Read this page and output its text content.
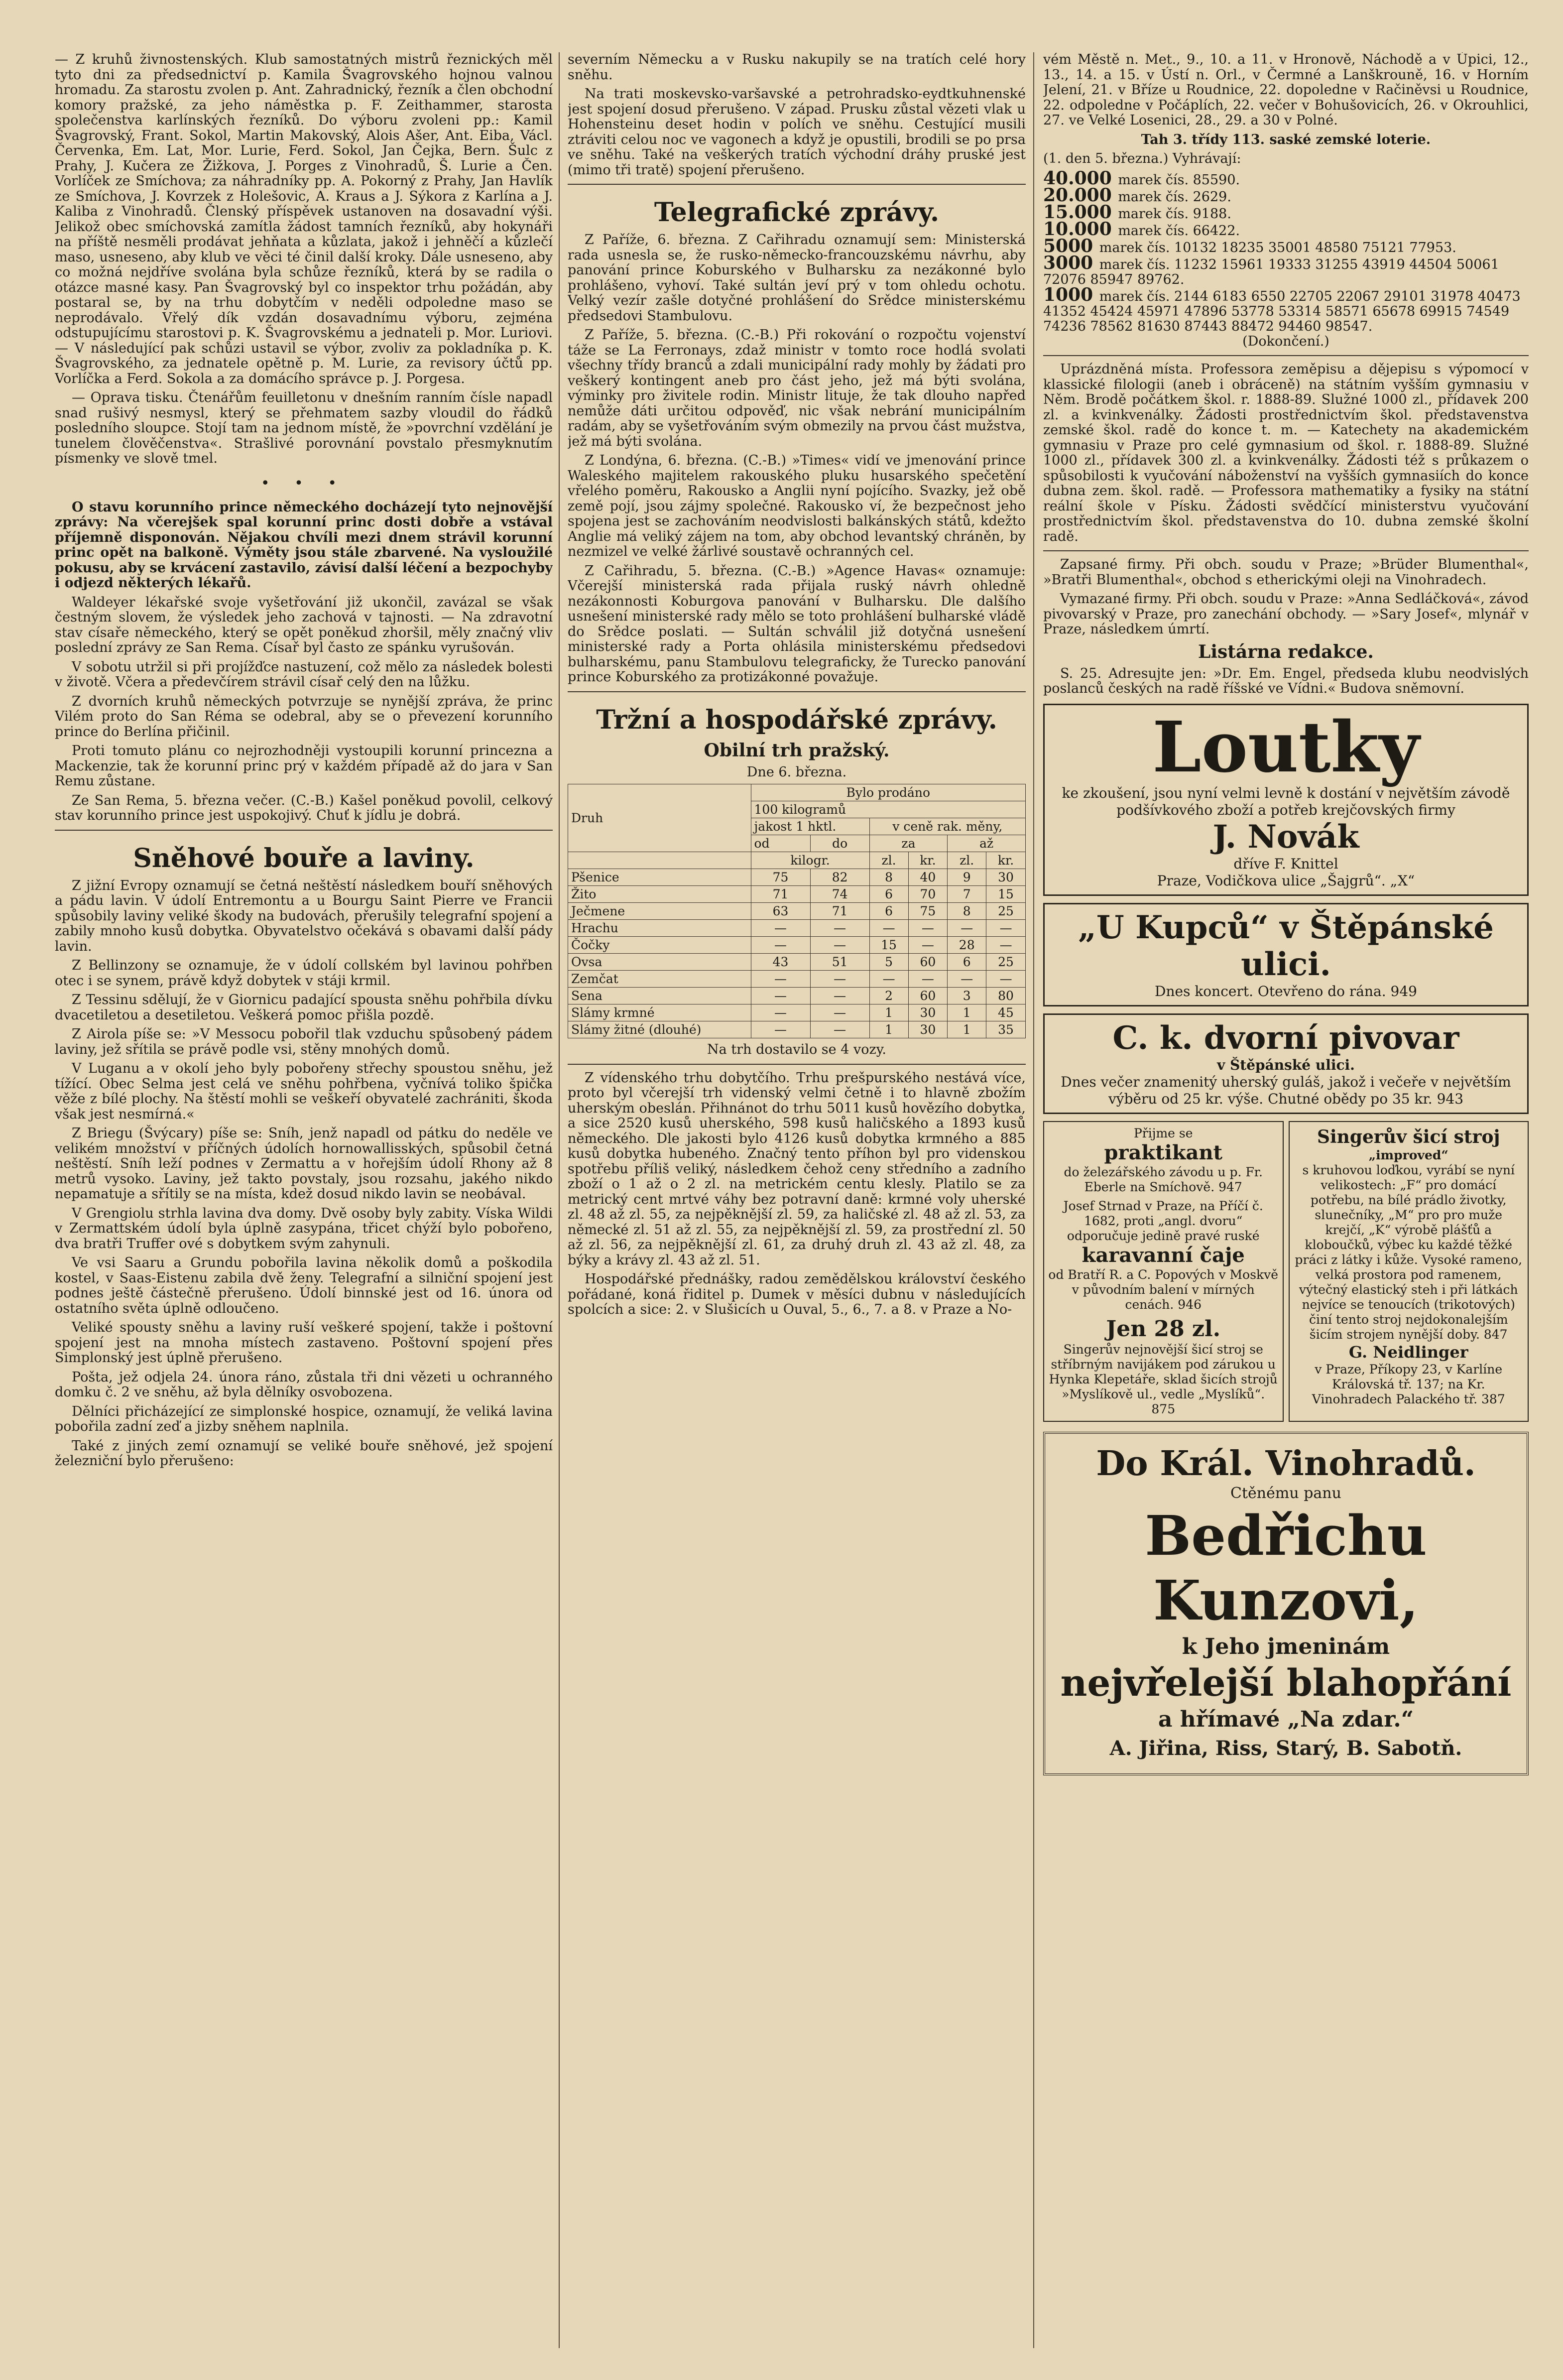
— Z kruhů živnostenských. Klub samostatných mistrů řeznických měl tyto dni za předsednictví p. Kamila Švagrovského hojnou valnou hromadu. Za starostu zvolen p. Ant. Zahradnický, řezník a člen obchodní komory pražské, za jeho náměstka p. F. Zeithammer, starosta společenstva karlínských řezníků. Do výboru zvoleni pp.: Kamil Švagrovský, Frant. Sokol, Martin Makovský, Alois Ašer, Ant. Eiba, Václ. Červenka, Em. Lat, Mor. Lurie, Ferd. Sokol, Jan Čejka, Bern. Šulc z Prahy, J. Kučera ze Žižkova, J. Porges z Vinohradů, Š. Lurie a Čen. Vorlíček ze Smíchova; za náhradníky pp. A. Pokorný z Prahy, Jan Havlík ze Smíchova, J. Kovrzek z Holešovic, A. Kraus a J. Sýkora z Karlína a J. Kaliba z Vinohradů. Členský příspěvek ustanoven na dosavadní výši. Jelikož obec smíchovská zamítla žádost tamních řezníků, aby hokynáři na příště nesměli prodávat jehňata a kůzlata, jakož i jehněčí a kůzlečí maso, usneseno, aby klub ve věci té činil další kroky. Dále usneseno, aby co možná nejdříve svolána byla schůze řezníků, která by se radila o otázce masné kasy. Pan Švagrovský byl co inspektor trhu požádán, aby postaral se, by na trhu dobytčím v neděli odpoledne maso se neprodávalo. Vřelý dík vzdán dosavadnímu výboru, zejména odstupujícímu starostovi p. K. Švagrovskému a jednateli p. Mor. Luriovi. — V následující pak schůzi ustavil se výbor, zvoliv za pokladníka p. K. Švagrovského, za jednatele opětně p. M. Lurie, za revisory účtů pp. Vorlíčka a Ferd. Sokola a za domácího správce p. J. Porgesa.

— Oprava tisku. Čtenářům feuilletonu v dnešním ranním čísle napadl snad rušivý nesmysl, který se přehmatem sazby vloudil do řádků posledního sloupce. Stojí tam na jednom místě, že »povrchní vzdělání je tunelem člověčenstva«. Strašlivé porovnání povstalo přesmyknutím písmenky ve slově tmel.

• • •

O stavu korunního prince německého docházejí tyto nejnovější zprávy: Na včerejšek spal korunní princ dosti dobře a vstával příjemně disponován. Nějakou chvíli mezi dnem strávil korunní princ opět na balkoně. Výměty jsou stále zbarvené. Na vysloužilé pokusu, aby se krvácení zastavilo, závisí další léčení a bezpochyby i odjezd některých lékařů.

Waldeyer lékařské svoje vyšetřování již ukončil, zavázal se však čestným slovem, že výsledek jeho zachová v tajnosti. — Na zdravotní stav císaře německého, který se opět poněkud zhoršil, měly značný vliv poslední zprávy ze San Rema. Císař byl často ze spánku vyrušován.

V sobotu utržil si při projížďce nastuzení, což mělo za následek bolesti v životě. Včera a předevčírem strávil císař celý den na lůžku.

Z dvorních kruhů německých potvrzuje se nynější zpráva, že princ Vilém proto do San Réma se odebral, aby se o převezení korunního prince do Berlína přičinil.

Proti tomuto plánu co nejrozhodněji vystoupili korunní princezna a Mackenzie, tak že korunní princ prý v každém případě až do jara v San Remu zůstane.

Ze San Rema, 5. března večer. (C.-B.) Kašel poněkud povolil, celkový stav korunního prince jest uspokojivý. Chuť k jídlu je dobrá.

Sněhové bouře a laviny.

Z jižní Evropy oznamují se četná neštěstí následkem bouří sněhových a pádu lavin. V údolí Entremontu a u Bourgu Saint Pierre ve Francii spůsobily laviny veliké škody na budovách, přerušily telegrafní spojení a zabily mnoho kusů dobytka. Obyvatelstvo očekává s obavami další pády lavin.

Z Bellinzony se oznamuje, že v údolí collském byl lavinou pohřben otec i se synem, právě když dobytek v stáji krmil.

Z Tessinu sdělují, že v Giornicu padající spousta sněhu pohřbila dívku dvacetiletou a desetiletou. Veškerá pomoc přišla pozdě.

Z Airola píše se: »V Messocu pobořil tlak vzduchu spůsobený pádem laviny, jež sřítila se právě podle vsi, stěny mnohých domů.

V Luganu a v okolí jeho byly pobořeny střechy spoustou sněhu, jež tížící. Obec Selma jest celá ve sněhu pohřbena, vyčnívá toliko špička věže z bílé plochy. Na štěstí mohli se veškeří obyvatelé zachrániti, škoda však jest nesmírná.«

Z Briegu (Švýcary) píše se: Sníh, jenž napadl od pátku do neděle ve velikém množství v příčných údolích hornowallisských, spůsobil četná neštěstí. Sníh leží podnes v Zermattu a v hořejším údolí Rhony až 8 metrů vysoko. Laviny, jež takto povstaly, jsou rozsahu, jakého nikdo nepamatuje a sřítily se na místa, kdež dosud nikdo lavin se neobával.

V Grengiolu strhla lavina dva domy. Dvě osoby byly zabity. Víska Wildi v Zermattském údolí byla úplně zasypána, třicet chýží bylo pobořeno, dva bratři Truffer ové s dobytkem svým zahynuli.

Ve vsi Saaru a Grundu pobořila lavina několik domů a poškodila kostel, v Saas-Eistenu zabila dvě ženy. Telegrafní a silniční spojení jest podnes ještě částečně přerušeno. Údolí binnské jest od 16. února od ostatního světa úplně odloučeno.

Veliké spousty sněhu a laviny ruší veškeré spojení, takže i poštovní spojení jest na mnoha místech zastaveno. Poštovní spojení přes Simplonský jest úplně přerušeno.

Pošta, jež odjela 24. února ráno, zůstala tři dni vězeti u ochranného domku č. 2 ve sněhu, až byla dělníky osvobozena.

Dělníci přicházející ze simplonské hospice, oznamují, že veliká lavina pobořila zadní zeď a jizby sněhem naplnila.

Také z jiných zemí oznamují se veliké bouře sněhové, jež spojení železniční bylo přerušeno:

severním Německu a v Rusku nakupily se na tratích celé hory sněhu.

Na trati moskevsko-varšavské a petrohradsko-eydtkuhnenské jest spojení dosud přerušeno. V západ. Prusku zůstal vězeti vlak u Hohensteinu deset hodin v polích ve sněhu. Cestující musili ztráviti celou noc ve vagonech a když je opustili, brodili se po prsa ve sněhu. Také na veškerých tratích východní dráhy pruské jest (mimo tři tratě) spojení přerušeno.

Telegrafické zprávy.

Z Paříže, 6. března. Z Cařihradu oznamují sem: Ministerská rada usnesla se, že rusko-německo-francouzskému návrhu, aby panování prince Koburského v Bulharsku za nezákonné bylo prohlášeno, vyhoví. Také sultán jeví prý v tom ohledu ochotu. Velký vezír zašle dotyčné prohlášení do Srědce ministerskému předsedovi Stambulovu.

Z Paříže, 5. března. (C.-B.) Při rokování o rozpočtu vojenství táže se La Ferronays, zdaž ministr v tomto roce hodlá svolati všechny třídy branců a zdali municipální rady mohly by žádati pro veškerý kontingent aneb pro část jeho, jež má býti svolána, výminky pro živitele rodin. Ministr lituje, že tak dlouho napřed nemůže dáti určitou odpověď, nic však nebrání municipálním radám, aby se vyšetřováním svým obmezily na prvou část mužstva, jež má býti svolána.

Z Londýna, 6. března. (C.-B.) »Times« vidí ve jmenování prince Waleského majitelem rakouského pluku husarského spečetění vřelého poměru, Rakousko a Anglii nyní pojícího. Svazky, jež obě země pojí, jsou zájmy společné. Rakousko ví, že bezpečnost jeho spojena jest se zachováním neodvislosti balkánských států, kdežto Anglie má veliký zájem na tom, aby obchod levantský chráněn, by nezmizel ve velké žárlivé soustavě ochranných cel.

Z Cařihradu, 5. března. (C.-B.) »Agence Havas« oznamuje: Včerejší ministerská rada přijala ruský návrh ohledně nezákonnosti Koburgova panování v Bulharsku. Dle dalšího usnešení ministerské rady mělo se toto prohlášení bulharské vládě do Srědce poslati. — Sultán schválil již dotyčná usnešení ministerské rady a Porta ohlásila ministerskému předsedovi bulharskému, panu Stambulovu telegraficky, že Turecko panování prince Koburského za protizákonné považuje.

Tržní a hospodářské zprávy.
Obilní trh pražský.

Dne 6. března.

Druh	Bylo prodáno					
	100 kilogramů					
	jakost 1 hktl.		v ceně rak. měny,			
	od	do	za		až	
	kilogr.		zl.	kr.	zl.	kr.
Pšenice	75	82	8	40	9	30
Žito	71	74	6	70	7	15
Ječmene	63	71	6	75	8	25
Hrachu	—	—	—	—	—	—
Čočky	—	—	15	—	28	—
Ovsa	43	51	5	60	6	25
Zemčat	—	—	—	—	—	—
Sena	—	—	2	60	3	80
Slámy krmné	—	—	1	30	1	45
Slámy žitné (dlouhé)	—	—	1	30	1	35

Na trh dostavilo se 4 vozy.

Z vídenského trhu dobytčího. Trhu prešpurského nestává více, proto byl včerejší trh videnský velmi četně i to hlavně zbožím uherským obeslán. Přihnánot do trhu 5011 kusů hovězího dobytka, a sice 2520 kusů uherského, 598 kusů haličského a 1893 kusů německého. Dle jakosti bylo 4126 kusů dobytka krmného a 885 kusů dobytka hubeného. Značný tento příhon byl pro videnskou spotřebu příliš veliký, následkem čehož ceny středního a zadního zboží o 1 až o 2 zl. na metrickém centu klesly. Platilo se za metrický cent mrtvé váhy bez potravní daně: krmné voly uherské zl. 48 až zl. 55, za nejpěknější zl. 59, za haličské zl. 48 až zl. 53, za německé zl. 51 až zl. 55, za nejpěknější zl. 59, za prostřední zl. 50 až zl. 56, za nejpěknější zl. 61, za druhý druh zl. 43 až zl. 48, za býky a krávy zl. 43 až zl. 51.

Hospodářské přednášky, radou zemědělskou království českého pořádané, koná řiditel p. Dumek v měsíci dubnu v následujících spolcích a sice: 2. v Slušicích u Ouval, 5., 6., 7. a 8. v Praze a No-

vém Městě n. Met., 9., 10. a 11. v Hronově, Náchodě a v Úpici, 12., 13., 14. a 15. v Ústí n. Orl., v Čermné a Lanškrouně, 16. v Horním Jelení, 21. v Bříze u Roudnice, 22. dopoledne v Račiněvsi u Roudnice, 22. odpoledne v Počáplích, 22. večer v Bohušovicích, 26. v Okrouhlici, 27. ve Velké Losenici, 28., 29. a 30 v Polné.

Tah 3. třídy 113. saské zemské loterie.

(1. den 5. března.) Vyhrávají:

40.000 marek čís. 85590.
20.000 marek čís. 2629.
15.000 marek čís. 9188.
10.000 marek čís. 66422.
5000 marek čís. 10132 18235 35001 48580 75121 77953.
3000 marek čís. 11232 15961 19333 31255 43919 44504 50061 72076 85947 89762.
1000 marek čís. 2144 6183 6550 22705 22067 29101 31978 40473 41352 45424 45971 47896 53778 53314 58571 65678 69915 74549 74236 78562 81630 87443 88472 94460 98547.

(Dokončení.)

Uprázdněná místa. Professora zeměpisu a dějepisu s výpomocí v klassické filologii (aneb i obráceně) na státním vyšším gymnasiu v Něm. Brodě počátkem škol. r. 1888-89. Služné 1000 zl., přídavek 200 zl. a kvinkvenálky. Žádosti prostřednictvím škol. představenstva zemské škol. radě do konce t. m. — Katechety na akademickém gymnasiu v Praze pro celé gymnasium od škol. r. 1888-89. Služné 1000 zl., přídavek 300 zl. a kvinkvenálky. Žádosti též s průkazem o spůsobilosti k vyučování náboženství na vyšších gymnasiích do konce dubna zem. škol. radě. — Professora mathematiky a fysiky na státní reální škole v Písku. Žádosti svědčící ministerstvu vyučování prostřednictvím škol. představenstva do 10. dubna zemské školní radě.

Zapsané firmy. Při obch. soudu v Praze; »Brüder Blumenthal«, »Bratři Blumenthal«, obchod s etherickými oleji na Vinohradech.

Vymazané firmy. Při obch. soudu v Praze: »Anna Sedláčková«, závod pivovarský v Praze, pro zanechání obchody. — »Sary Josef«, mlynář v Praze, následkem úmrtí.

Listárna redakce.

S. 25. Adresujte jen: »Dr. Em. Engel, předseda klubu neodvislých poslanců českých na radě říšské ve Vídni.« Budova sněmovní.

Loutky
ke zkoušení, jsou nyní velmi levně k dostání v největším závodě podšívkového zboží a potřeb krejčovských firmy
J. Novák
dříve F. Knittel
Praze, Vodičkova ulice „Šajgrů“. „X“
„U Kupců“ v Štěpánské ulici.
Dnes koncert. Otevřeno do rána. 949
C. k. dvorní pivovar
v Štěpánské ulici.
Dnes večer znamenitý uherský guláš, jakož i večeře v největším výběru od 25 kr. výše. Chutné obědy po 35 kr. 943
Přijme se
praktikant
do železářského závodu u p. Fr. Eberle na Smíchově. 947
Josef Strnad v Praze, na Příčí č. 1682, proti „angl. dvoru“ odporučuje jedině pravé ruské
karavanní čaje
od Bratří R. a C. Popových v Moskvě v původním balení v mírných cenách. 946
Jen 28 zl.
Singerův nejnovější šicí stroj se stříbrným navijákem pod zárukou u Hynka Klepetáře, sklad šicích strojů »Myslíkově ul., vedle „Myslíků“. 875
Singerův šicí stroj
„improved“
s kruhovou loďkou, vyrábí se nyní velikostech: „F“ pro domácí potřebu, na bílé prádlo životky, slunečníky, „M“ pro pro muže krejčí, „K“ výrobě plášťů a kloboučků, výbec ku každé těžké práci z látky i kůže. Vysoké rameno, velká prostora pod ramenem, výtečný elastický steh i při látkách nejvíce se tenoucích (trikotových) činí tento stroj nejdokonalejším šicím strojem nynější doby. 847
G. Neidlinger
v Praze, Příkopy 23, v Karlíne Královská tř. 137; na Kr. Vinohradech Palackého tř. 387
Do Král. Vinohradů.
Ctěnému panu
Bedřichu Kunzovi,
k Jeho jmeninám
nejvřelejší blahopřání
a hřímavé „Na zdar.“
A. Jiřina, Riss, Starý, B. Sabotň.
